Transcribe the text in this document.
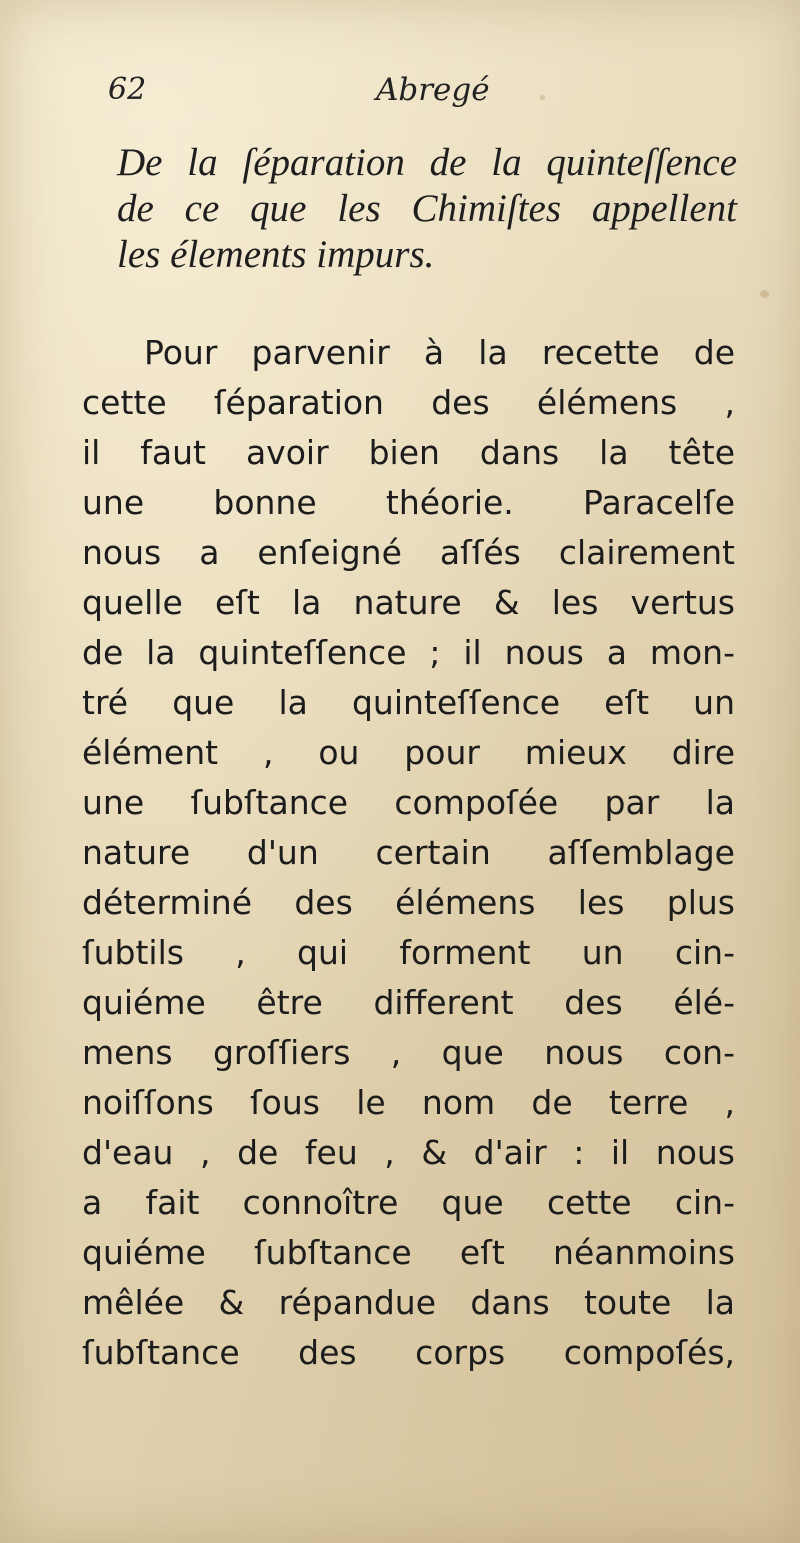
62	Abregé
De la ſéparation de la quinteſſence
de ce que les Chimiſtes appellent
les élements impurs.
Pour parvenir à la recette de
cette ſéparation des élémens ,
il faut avoir bien dans la tête
une bonne théorie. Paracelſe
nous a enſeigné aſſés clairement
quelle eſt la nature & les vertus
de la quinteſſence ; il nous a mon-
tré que la quinteſſence eſt un
élément , ou pour mieux dire
une ſubſtance compoſée par la
nature d'un certain aſſemblage
déterminé des élémens les plus
ſubtils , qui forment un cin-
quiéme être different des élé-
mens groſſiers , que nous con-
noiſſons ſous le nom de terre ,
d'eau , de feu , & d'air : il nous
a fait connoître que cette cin-
quiéme ſubſtance eſt néanmoins
mêlée & répandue dans toute la
ſubſtance des corps compoſés,
